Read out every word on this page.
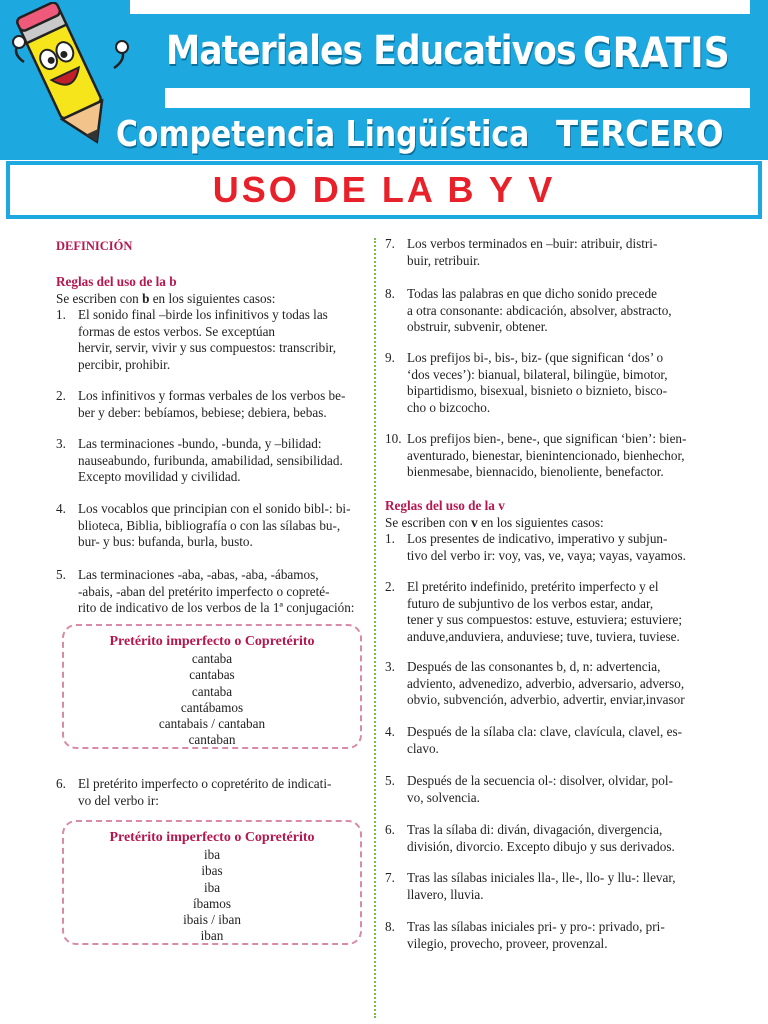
Materiales Educativos GRATIS
Competencia Lingüística TERCERO
USO DE LA B Y V
DEFINICIÓN
Reglas del uso de la b
Se escriben con b en los siguientes casos:
1. El sonido final –birde los infinitivos y todas las
formas de estos verbos. Se exceptúan
hervir, servir, vivir y sus compuestos: transcribir,
percibir, prohibir.
2. Los infinitivos y formas verbales de los verbos be-
ber y deber: bebíamos, bebiese; debiera, bebas.
3. Las terminaciones -bundo, -bunda, y –bilidad:
nauseabundo, furibunda, amabilidad, sensibilidad.
Excepto movilidad y civilidad.
4. Los vocablos que principian con el sonido bibl-: bi-
blioteca, Biblia, bibliografía o con las sílabas bu-,
bur- y bus: bufanda, burla, busto.
5. Las terminaciones -aba, -abas, -aba, -ábamos,
-abais, -aban del pretérito imperfecto o copreté-
rito de indicativo de los verbos de la 1ª conjugación:
Pretérito imperfecto o Copretérito
cantaba
cantabas
cantaba
cantábamos
cantabais / cantaban
cantaban
6. El pretérito imperfecto o copretérito de indicati-
vo del verbo ir:
Pretérito imperfecto o Copretérito
iba
ibas
iba
íbamos
ibais / iban
iban
7. Los verbos terminados en –buir: atribuir, distri-
buir, retribuir.
8. Todas las palabras en que dicho sonido precede
a otra consonante: abdicación, absolver, abstracto,
obstruir, subvenir, obtener.
9. Los prefijos bi-, bis-, biz- (que significan ‘dos’ o
‘dos veces’): bianual, bilateral, bilingüe, bimotor,
bipartidismo, bisexual, bisnieto o biznieto, bisco-
cho o bizcocho.
10. Los prefijos bien-, bene-, que significan ‘bien’: bien-
aventurado, bienestar, bienintencionado, bienhechor,
bienmesabe, biennacido, bienoliente, benefactor.
Reglas del uso de la v
Se escriben con v en los siguientes casos:
1. Los presentes de indicativo, imperativo y subjun-
tivo del verbo ir: voy, vas, ve, vaya; vayas, vayamos.
2. El pretérito indefinido, pretérito imperfecto y el
futuro de subjuntivo de los verbos estar, andar,
tener y sus compuestos: estuve, estuviera; estuviere;
anduve,anduviera, anduviese; tuve, tuviera, tuviese.
3. Después de las consonantes b, d, n: advertencia,
adviento, advenedizo, adverbio, adversario, adverso,
obvio, subvención, adverbio, advertir, enviar,invasor
4. Después de la sílaba cla: clave, clavícula, clavel, es-
clavo.
5. Después de la secuencia ol-: disolver, olvidar, pol-
vo, solvencia.
6. Tras la sílaba di: diván, divagación, divergencia,
división, divorcio. Excepto dibujo y sus derivados.
7. Tras las sílabas iniciales lla-, lle-, llo- y llu-: llevar,
llavero, lluvia.
8. Tras las sílabas iniciales pri- y pro-: privado, pri-
vilegio, provecho, proveer, provenzal.
